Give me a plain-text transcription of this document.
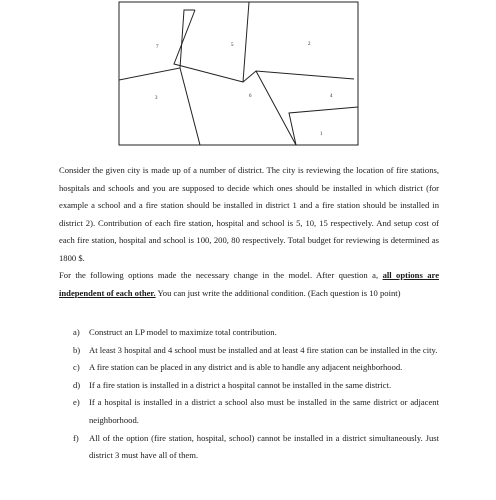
7	5	2
3	6	4
1
Consider the given city is made up of a number of district. The city is reviewing the location of fire stations, hospitals and schools and you are supposed to decide which ones should be installed in which district (for example a school and a fire station should be installed in district 1 and a fire station should be installed in district 2). Contribution of each fire station, hospital and school is 5, 10, 15 respectively. And setup cost of each fire station, hospital and school is 100, 200, 80 respectively. Total budget for reviewing is determined as 1800 $.
For the following options made the necessary change in the model. After question a, all options are independent of each other. You can just write the additional condition. (Each question is 10 point)
a) Construct an LP model to maximize total contribution.
b) At least 3 hospital and 4 school must be installed and at least 4 fire station can be installed in the city.
c) A fire station can be placed in any district and is able to handle any adjacent neighborhood.
d) If a fire station is installed in a district a hospital cannot be installed in the same district.
e) If a hospital is installed in a district a school also must be installed in the same district or adjacent neighborhood.
f) All of the option (fire station, hospital, school) cannot be installed in a district simultaneously. Just district 3 must have all of them.
